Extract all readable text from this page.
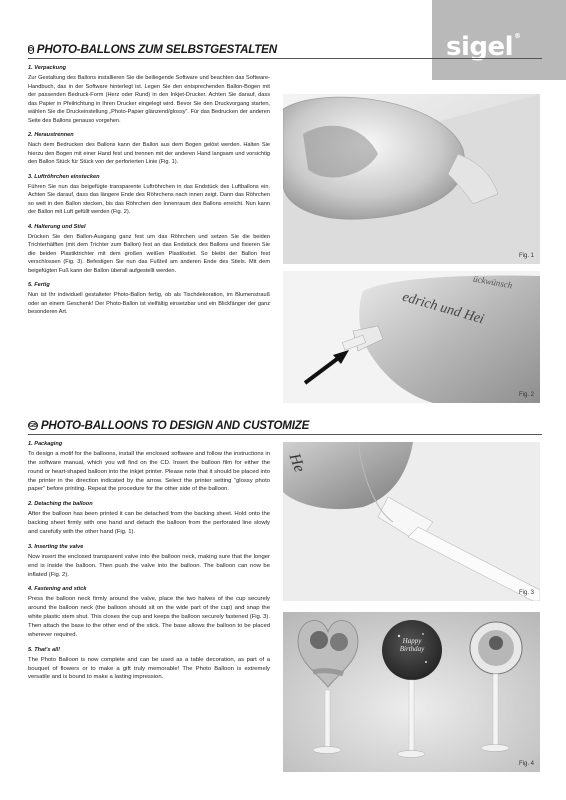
sigel®
D PHOTO-BALLONS ZUM SELBSTGESTALTEN
1. Verpackung
Zur Gestaltung des Ballons installieren Sie die beiliegende Software und beachten das Software-Handbuch, das in der Software hinterlegt ist. Legen Sie den entsprechenden Ballon-Bogen mit der passenden Bedruck-Form (Herz oder Rund) in den Inkjet-Drucker. Achten Sie darauf, dass das Papier in Pfeilrichtung in Ihren Drucker eingelegt wird. Bevor Sie den Druckvorgang starten, wählen Sie die Druckeinstellung „Photo-Papier glänzend/glossy“. Für das Bedrucken der anderen Seite des Ballons genauso vorgehen.
2. Heraustrennen
Nach dem Bedrucken des Ballons kann der Ballon aus dem Bogen gelöst werden. Halten Sie hierzu den Bogen mit einer Hand fest und trennen mit der anderen Hand langsam und vorsichtig den Ballon Stück für Stück von der perforierten Linie (Fig. 1).
3. Luftröhrchen einstecken
Führen Sie nun das beigefügte transparente Luftröhrchen in das Endstück des Luftballons ein. Achten Sie darauf, dass das längere Ende des Röhrchens nach innen zeigt. Dann das Röhrchen so weit in den Ballon stecken, bis das Röhrchen den Innenraum des Ballons erreicht. Nun kann der Ballon mit Luft gefüllt werden (Fig. 2).
4. Halterung und Stiel
Drücken Sie den Ballon-Ausgang ganz fest um das Röhrchen und setzen Sie die beiden Trichterhälften (mit dem Trichter zum Ballon) fest an das Endstück des Ballons und fixieren Sie die beiden Plastiktrichter mit dem großen weißen Plastikstiel. So bleibt der Ballon fest verschlossen (Fig. 3). Befestigen Sie nun das Fußteil am anderen Ende des Stiels. Mit dem beigefügten Fuß kann der Ballon überall aufgestellt werden.
5. Fertig
Nun ist Ihr individuell gestalteter Photo-Ballon fertig, ob als Tischdekoration, im Blumenstrauß oder an einem Geschenk! Der Photo-Ballon ist vielfältig einsetzbar und ein Blickfänger der ganz besonderen Art.
GB PHOTO-BALLOONS TO DESIGN AND CUSTOMIZE
1. Packaging
To design a motif for the balloons, install the enclosed software and follow the instructions in the software manual, which you will find on the CD. Insert the balloon film for either the round or heart-shaped balloon into the inkjet printer. Please note that it should be placed into the printer in the direction indicated by the arrow. Select the printer setting “glossy photo paper” before printing. Repeat the procedure for the other side of the balloon.
2. Detaching the balloon
After the balloon has been printed it can be detached from the backing sheet. Hold onto the backing sheet firmly with one hand and detach the balloon from the perforated line slowly and carefully with the other hand (Fig. 1).
3. Inserting the valve
Now insert the enclosed transparent valve into the balloon neck, making sure that the longer end is inside the balloon. Then push the valve into the balloon. The balloon can now be inflated (Fig. 2).
4. Fastening and stick
Press the balloon neck firmly around the valve, place the two halves of the cup securely around the balloon neck (the balloon should sit on the wide part of the cup) and snap the white plastic stem shut. This closes the cup and keeps the balloon securely fastened (Fig. 3). Then attach the base to the other end of the stick. The base allows the balloon to be placed wherever required.
5. That's all!
The Photo Balloon is now complete and can be used as a table decoration, as part of a bouquet of flowers or to make a gift truly memorable! The Photo Balloon is extremely versatile and is bound to make a lasting impression.
Fig. 1
edrich und Hei
ückwünsch
Fig. 2
He
Fig. 3
Happy Birthday
Fig. 4
